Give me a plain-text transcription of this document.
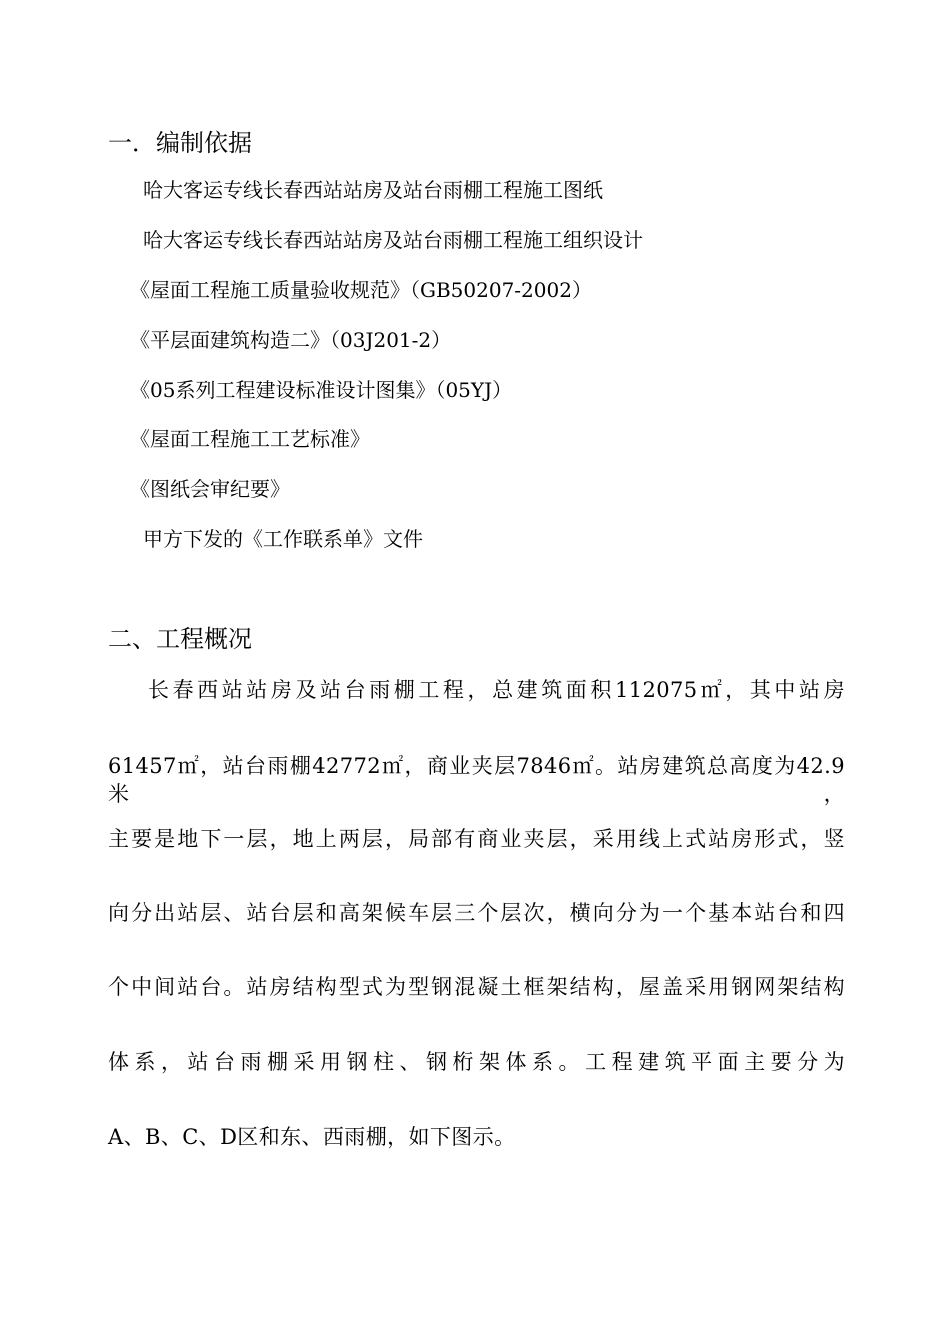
一．编制依据
哈大客运专线长春西站站房及站台雨棚工程施工图纸
哈大客运专线长春西站站房及站台雨棚工程施工组织设计
《屋面工程施工质量验收规范》（GB50207-2002）
《平层面建筑构造二》（03J201-2）
《05系列工程建设标准设计图集》（05YJ）
《屋面工程施工工艺标准》
《图纸会审纪要》
甲方下发的《工作联系单》文件
二、工程概况
长春西站站房及站台雨棚工程，总建筑面积112075㎡，其中站房
61457㎡，站台雨棚42772㎡，商业夹层7846㎡。站房建筑总高度为42.9米，
主要是地下一层，地上两层，局部有商业夹层，采用线上式站房形式，竖
向分出站层、站台层和高架候车层三个层次，横向分为一个基本站台和四
个中间站台。站房结构型式为型钢混凝土框架结构，屋盖采用钢网架结构
体系，站台雨棚采用钢柱、钢桁架体系。工程建筑平面主要分为
A、B、C、D区和东、西雨棚，如下图示。
